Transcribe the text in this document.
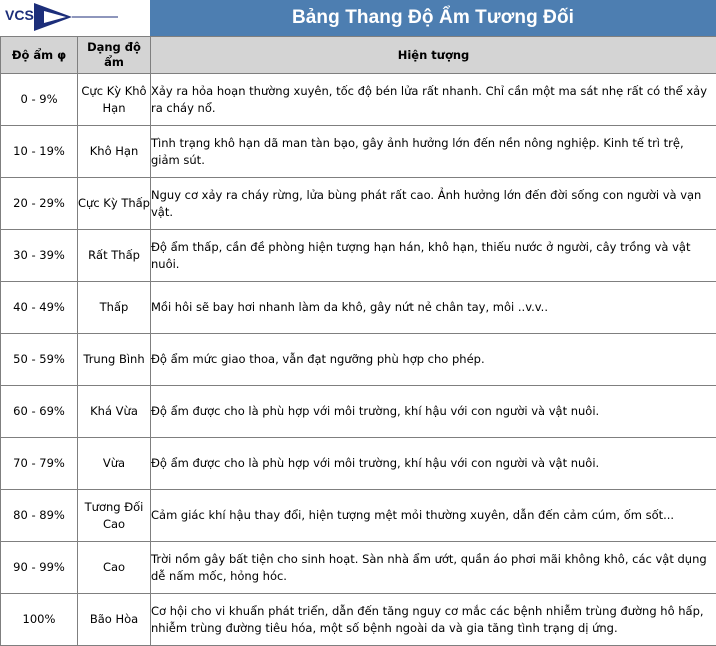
VCS	Bảng Thang Độ Ẩm Tương Đối
Độ ẩm φ	Dạng độ ẩm	Hiện tượng
0 - 9%	Cực Kỳ Khô Hạn	Xảy ra hỏa hoạn thường xuyên, tốc độ bén lửa rất nhanh. Chỉ cần một ma sát nhẹ rất có thể xảy ra cháy nổ.
10 - 19%	Khô Hạn	Tình trạng khô hạn dã man tàn bạo, gây ảnh hưởng lớn đến nền nông nghiệp. Kinh tế trì trệ, giảm sút.
20 - 29%	Cực Kỳ Thấp	Nguy cơ xảy ra cháy rừng, lửa bùng phát rất cao. Ảnh hưởng lớn đến đời sống con người và vạn vật.
30 - 39%	Rất Thấp	Độ ẩm thấp, cần đề phòng hiện tượng hạn hán, khô hạn, thiếu nước ở người, cây trồng và vật nuôi.
40 - 49%	Thấp	Mồi hôi sẽ bay hơi nhanh làm da khô, gây nứt nẻ chân tay, môi ..v.v..
50 - 59%	Trung Bình	Độ ẩm mức giao thoa, vẫn đạt ngưỡng phù hợp cho phép.
60 - 69%	Khá Vừa	Độ ẩm được cho là phù hợp với môi trường, khí hậu với con người và vật nuôi.
70 - 79%	Vừa	Độ ẩm được cho là phù hợp với môi trường, khí hậu với con người và vật nuôi.
80 - 89%	Tương Đối Cao	Cảm giác khí hậu thay đổi, hiện tượng mệt mỏi thường xuyên, dẫn đến cảm cúm, ốm sốt...
90 - 99%	Cao	Trời nồm gây bất tiện cho sinh hoạt. Sàn nhà ẩm ướt, quần áo phơi mãi không khô, các vật dụng dễ nấm mốc, hỏng hóc.
100%	Bão Hòa	Cơ hội cho vi khuẩn phát triển, dẫn đến tăng nguy cơ mắc các bệnh nhiễm trùng đường hô hấp, nhiễm trùng đường tiêu hóa, một số bệnh ngoài da và gia tăng tình trạng dị ứng.
